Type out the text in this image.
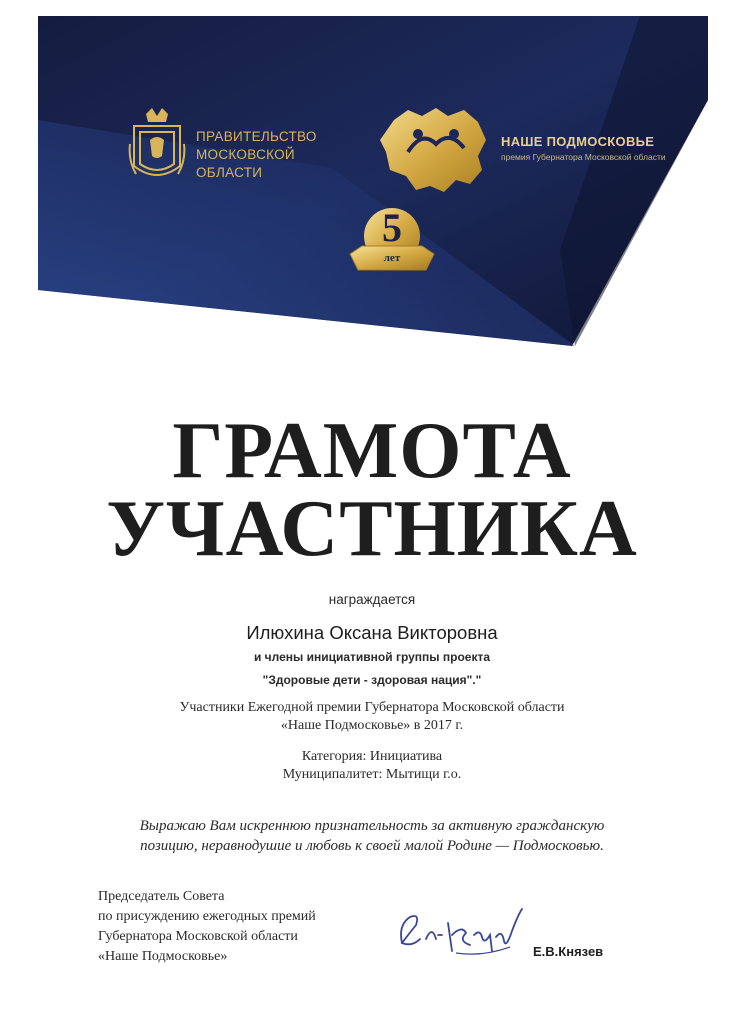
ПРАВИТЕЛЬСТВО
МОСКОВСКОЙ
ОБЛАСТИ
НАШЕ ПОДМОСКОВЬЕ
премия Губернатора Московской области
5
лет
ГРАМОТА
УЧАСТНИКА
награждается
Илюхина Оксана Викторовна
и члены инициативной группы проекта
"Здоровые дети - здоровая нация"."
Участники Ежегодной премии Губернатора Московской области
«Наше Подмосковье» в 2017 г.
Категория: Инициатива
Муниципалитет: Мытищи г.о.
Выражаю Вам искреннюю признательность за активную гражданскую
позицию, неравнодушие и любовь к своей малой Родине — Подмосковью.
Председатель Совета
по присуждению ежегодных премий
Губернатора Московской области
«Наше Подмосковье»	Е.В.Князев
